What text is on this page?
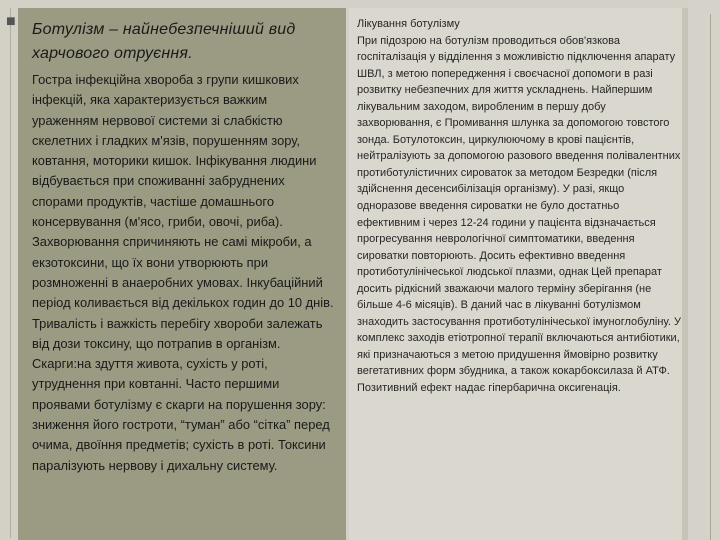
■ Ботулізм – найнебезпечніший вид харчового отруєння.

Гостра інфекційна хвороба з групи кишкових інфекцій, яка характеризується важким ураженням нервової системи зі слабкістю скелетних і гладких м'язів, порушенням зору, ковтання, моторики кишок. Інфікування людини відбувається при споживанні забруднених спорами продуктів, частіше домашнього консервування (м'ясо, гриби, овочі, риба). Захворювання спричиняють не самі мікроби, а екзотоксини, що їх вони утворюють при розмноженні в анаеробних умовах. Інкубаційний період коливається від декількох годин до 10 днів. Тривалість і важкість перебігу хвороби залежать від дози токсину, що потрапив в організм. Скарги:на здуття живота, сухість у роті, утруднення при ковтанні. Часто першими проявами ботулізму є скарги на порушення зору: зниження його гостроти, “туман” або “сітка” перед очима, двоїння предметів; сухість в роті. Токсини паралізують нервову і дихальну систему.

Лікування ботулізму

При підозрою на ботулізм проводиться обов'язкова госпіталізація у відділення з можливістю підключення апарату ШВЛ, з метою попередження і своєчасної допомоги в разі розвитку небезпечних для життя ускладнень. Найпершим лікувальним заходом, виробленим в першу добу захворювання, є Промивання шлунка за допомогою товстого зонда. Ботулотоксин, циркулюючому в крові пацієнтів, нейтралізують за допомогою разового введення полівалентних протиботулістичних сироваток за методом Безредки (після здійснення десенсибілізація організму). У разі, якщо одноразове введення сироватки не було достатньо ефективним і через 12-24 години у пацієнта відзначається прогресування неврологічної симптоматики, введення сироватки повторюють. Досить ефективно введення протиботулінічеської людської плазми, однак Цей препарат досить рідкісний зважаючи малого терміну зберігання (не більше 4-6 місяців). В даний час в лікуванні ботулізмом знаходить застосування протиботулінічеської імуноглобуліну. У комплекс заходів етіотропної терапії включаються антибіотики, які призначаються з метою придушення ймовірно розвитку вегетативних форм збудника, а також кокарбоксилаза й АТФ. Позитивний ефект надає гіпербарична оксигенація.
